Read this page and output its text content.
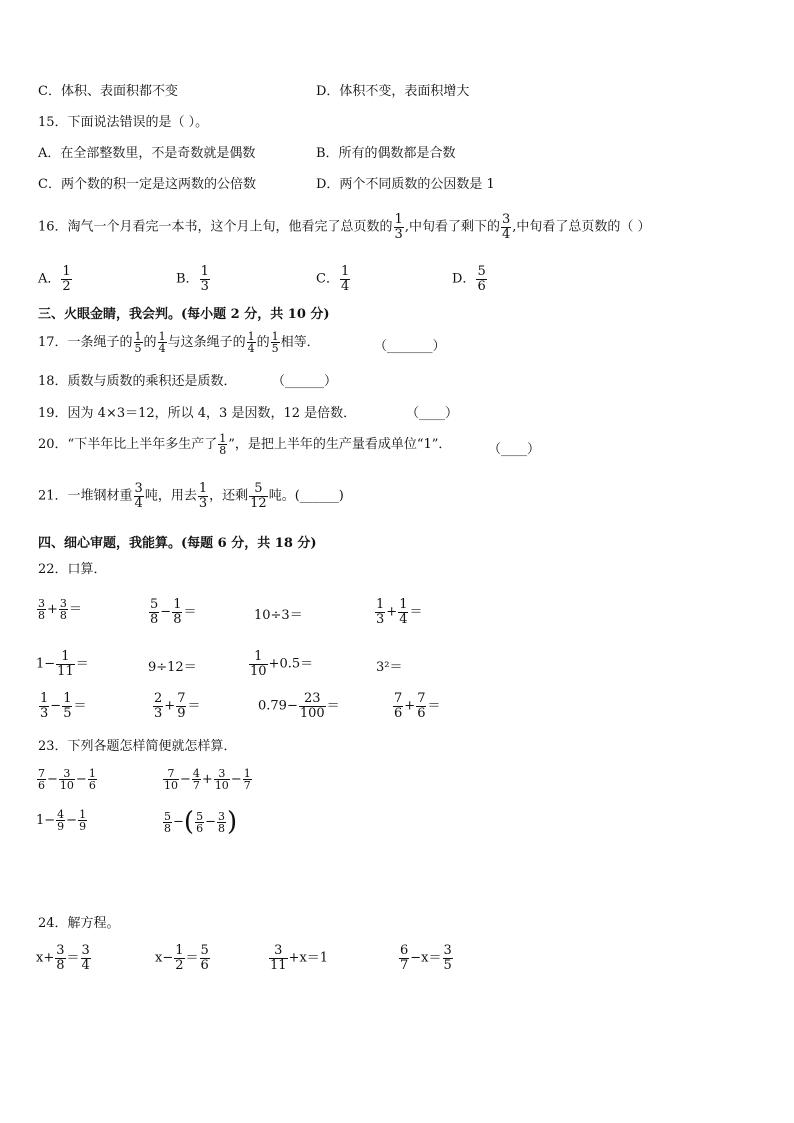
C．体积、表面积都不变	D．体积不变，表面积增大
15．下面说法错误的是（ ）。
A．在全部整数里，不是奇数就是偶数	B．所有的偶数都是合数
C．两个数的积一定是这两数的公倍数	D．两个不同质数的公因数是 1
16．淘气一个月看完一本书，这个月上旬，他看完了总页数的 $\frac{1}{3}$ ,中旬看了剩下的 $\frac{3}{4}$ ,中旬看了总页数的（ ）
A． $\frac{1}{2}$	B． $\frac{1}{3}$	C． $\frac{1}{4}$	D． $\frac{5}{6}$
三、火眼金睛，我会判。(每小题 2 分，共 10 分)
17．一条绳子的 $\frac{1}{5}$ 的 $\frac{1}{4}$ 与这条绳子的 $\frac{1}{4}$ 的 $\frac{1}{5}$ 相等．	（_______）
18．质数与质数的乘积还是质数．	（______）
19．因为 4×3＝12，所以 4，3 是因数，12 是倍数．	（____）
20．“下半年比上半年多生产了 $\frac{1}{8}$ ”，是把上半年的生产量看成单位“1”．	（____）
21．一堆钢材重 $\frac{3}{4}$ 吨，用去 $\frac{1}{3}$ ，还剩 $\frac{5}{12}$ 吨。(______)
四、细心审题，我能算。(每题 6 分，共 18 分)
22．口算．
$\frac{3}{8} + \frac{3}{8}$ ＝	$\frac{5}{8} - \frac{1}{8}$ ＝	10÷3＝	$\frac{1}{3} + \frac{1}{4}$ ＝
$1- \frac{1}{11}$ ＝	9÷12＝	$\frac{1}{10} +0.5=$	3²＝
$\frac{1}{3} - \frac{1}{5}$ ＝	$\frac{2}{3} + \frac{7}{9}$ ＝	$0.79- \frac{23}{100}$ ＝	$\frac{7}{6} + \frac{7}{6}$ ＝
23．下列各题怎样简便就怎样算．
$\frac{7}{6} - \frac{3}{10} - \frac{1}{6}$	$\frac{7}{10} - \frac{4}{7} + \frac{3}{10} - \frac{1}{7}$
$1- \frac{4}{9} - \frac{1}{9}$	$\frac{5}{8}$ −( $\frac{5}{6} - \frac{3}{8}$ )
24．解方程。
$x+ \frac{3}{8} = \frac{3}{4}$	$x- \frac{1}{2} = \frac{5}{6}$	$\frac{3}{11} +x=1$	$\frac{6}{7} -x= \frac{3}{5}$
